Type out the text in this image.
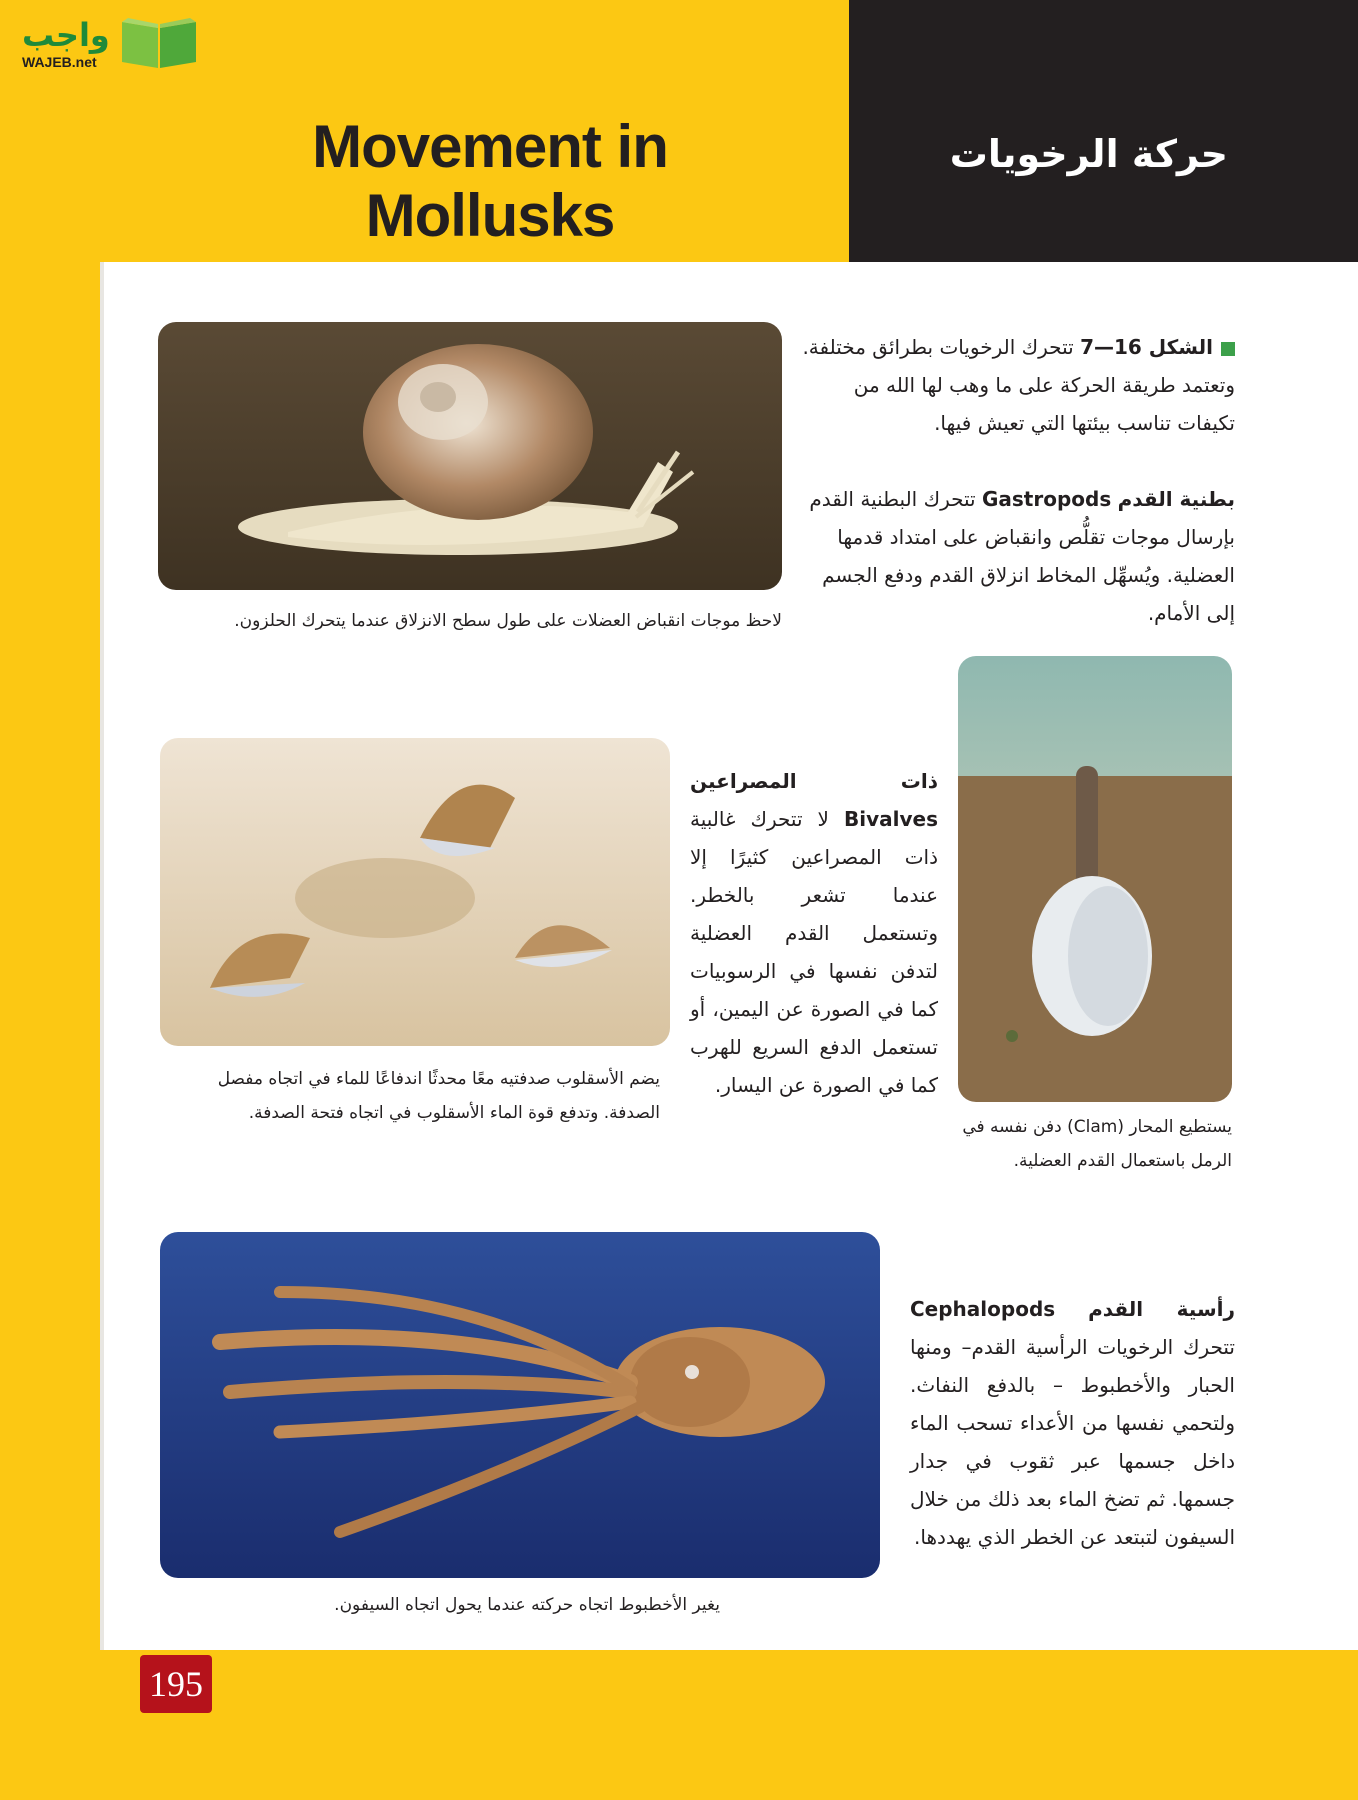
واجب
WAJEB.net
Movement in Mollusks
حركة الرخويات
الشكل 16—7 تتحرك الرخويات بطرائق مختلفة. وتعتمد طريقة الحركة على ما وهب لها الله من تكيفات تناسب بيئتها التي تعيش فيها.
بطنية القدم Gastropods تتحرك البطنية القدم بإرسال موجات تقلُّص وانقباض على امتداد قدمها العضلية. ويُسهِّل المخاط انزلاق القدم ودفع الجسم إلى الأمام.
لاحظ موجات انقباض العضلات على طول سطح الانزلاق عندما يتحرك الحلزون.
ذات المصراعين Bivalves لا تتحرك غالبية ذات المصراعين كثيرًا إلا عندما تشعر بالخطر. وتستعمل القدم العضلية لتدفن نفسها في الرسوبيات كما في الصورة عن اليمين، أو تستعمل الدفع السريع للهرب كما في الصورة عن اليسار.
يضم الأسقلوب صدفتيه معًا محدثًا اندفاعًا للماء في اتجاه مفصل الصدفة. وتدفع قوة الماء الأسقلوب في اتجاه فتحة الصدفة.
يستطيع المحار (Clam) دفن نفسه في الرمل باستعمال القدم العضلية.
رأسية القدم Cephalopods تتحرك الرخويات الرأسية القدم– ومنها الحبار والأخطبوط – بالدفع النفاث. ولتحمي نفسها من الأعداء تسحب الماء داخل جسمها عبر ثقوب في جدار جسمها. ثم تضخ الماء بعد ذلك من خلال السيفون لتبتعد عن الخطر الذي يهددها.
يغير الأخطبوط اتجاه حركته عندما يحول اتجاه السيفون.
195
